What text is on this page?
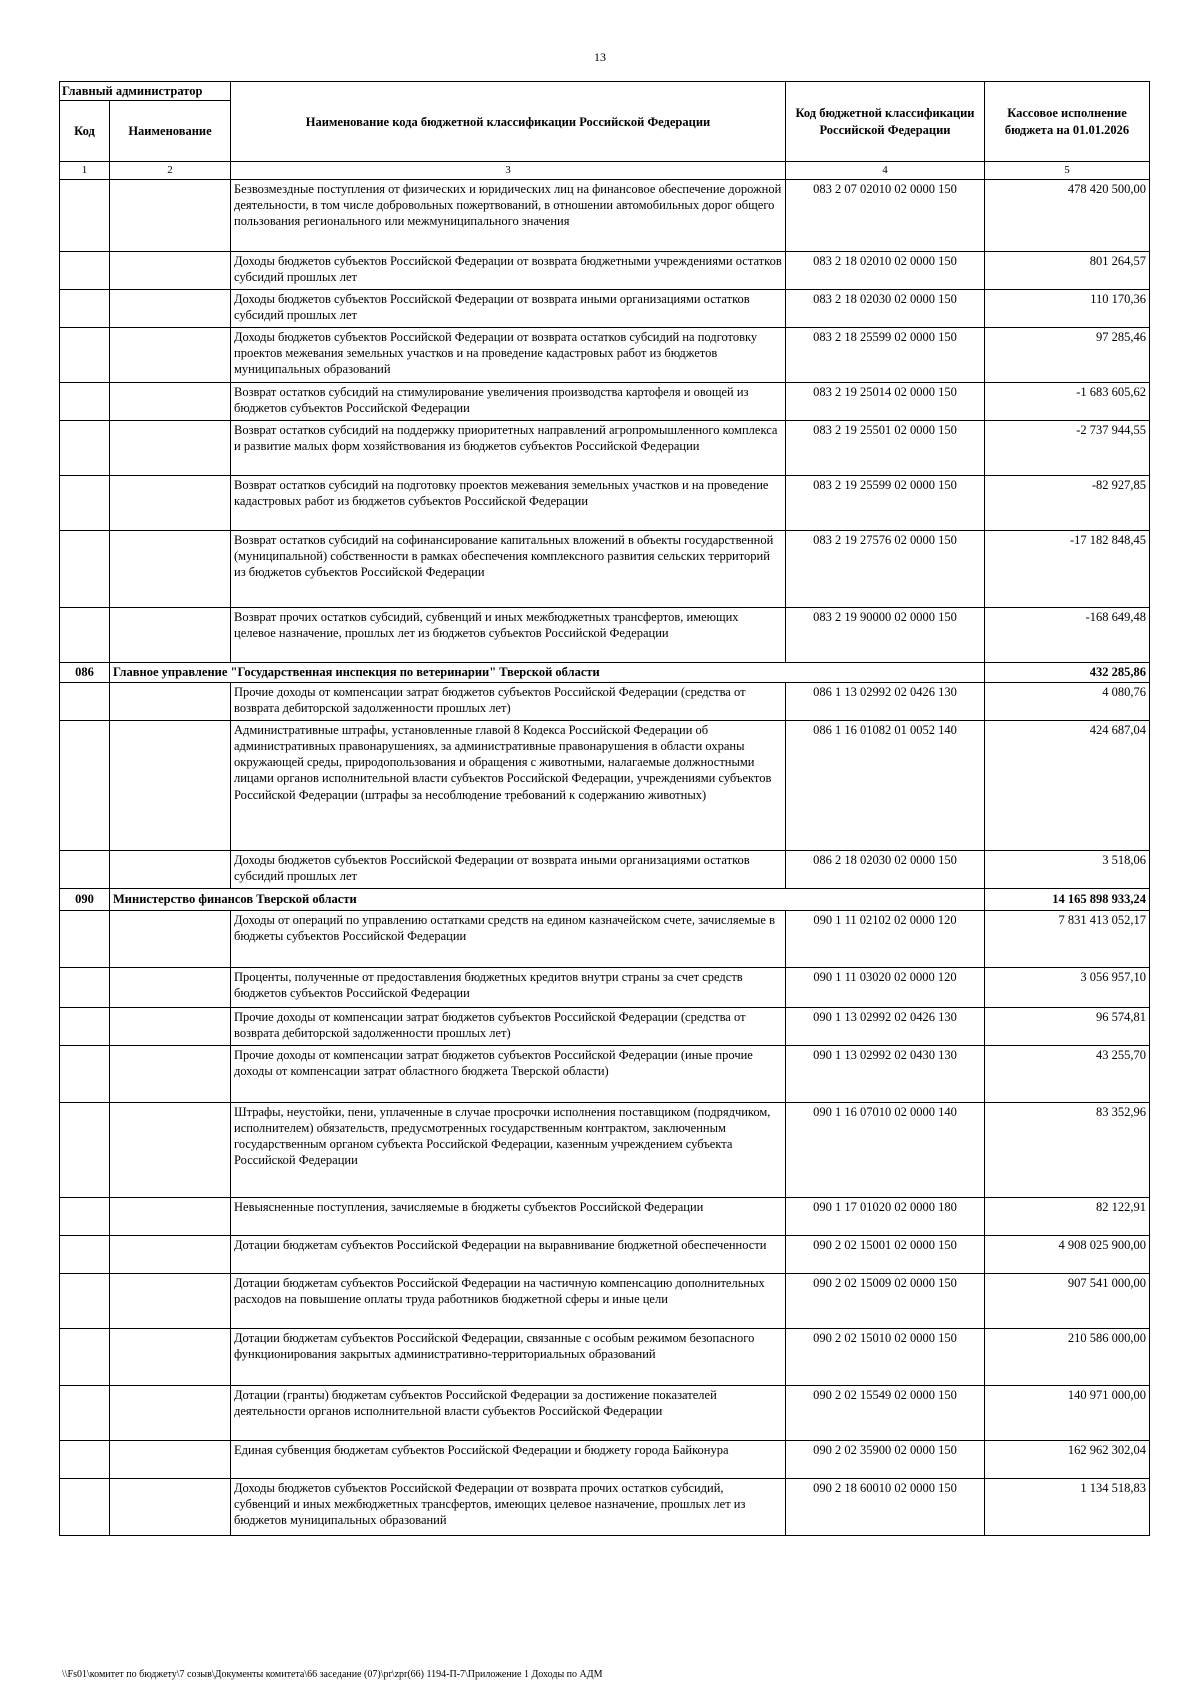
13
Главный администратор		Наименование кода бюджетной классификации Российской Федерации	Код бюджетной классификации Российской Федерации	Кассовое исполнение бюджета на 01.01.2026
Код	Наименование			
1	2	3	4	5
		Безвозмездные поступления от физических и юридических лиц на финансовое обеспечение дорожной деятельности, в том числе добровольных пожертвований, в отношении автомобильных дорог общего пользования регионального или межмуниципального значения	083 2 07 02010 02 0000 150	478 420 500,00
		Доходы бюджетов субъектов Российской Федерации от возврата бюджетными учреждениями остатков субсидий прошлых лет	083 2 18 02010 02 0000 150	801 264,57
		Доходы бюджетов субъектов Российской Федерации от возврата иными организациями остатков субсидий прошлых лет	083 2 18 02030 02 0000 150	110 170,36
		Доходы бюджетов субъектов Российской Федерации от возврата остатков субсидий на подготовку проектов межевания земельных участков и на проведение кадастровых работ из бюджетов муниципальных образований	083 2 18 25599 02 0000 150	97 285,46
		Возврат остатков субсидий на стимулирование увеличения производства картофеля и овощей из бюджетов субъектов Российской Федерации	083 2 19 25014 02 0000 150	-1 683 605,62
		Возврат остатков субсидий на поддержку приоритетных направлений агропромышленного комплекса и развитие малых форм хозяйствования из бюджетов субъектов Российской Федерации	083 2 19 25501 02 0000 150	-2 737 944,55
		Возврат остатков субсидий на подготовку проектов межевания земельных участков и на проведение кадастровых работ из бюджетов субъектов Российской Федерации	083 2 19 25599 02 0000 150	-82 927,85
		Возврат остатков субсидий на софинансирование капитальных вложений в объекты государственной (муниципальной) собственности в рамках обеспечения комплексного развития сельских территорий из бюджетов субъектов Российской Федерации	083 2 19 27576 02 0000 150	-17 182 848,45
		Возврат прочих остатков субсидий, субвенций и иных межбюджетных трансфертов, имеющих целевое назначение, прошлых лет из бюджетов субъектов Российской Федерации	083 2 19 90000 02 0000 150	-168 649,48
086	Главное управление "Государственная инспекция по ветеринарии" Тверской области			432 285,86
		Прочие доходы от компенсации затрат бюджетов субъектов Российской Федерации (средства от возврата дебиторской задолженности прошлых лет)	086 1 13 02992 02 0426 130	4 080,76
		Административные штрафы, установленные главой 8 Кодекса Российской Федерации об административных правонарушениях, за административные правонарушения в области охраны окружающей среды, природопользования и обращения с животными, налагаемые должностными лицами органов исполнительной власти субъектов Российской Федерации, учреждениями субъектов Российской Федерации (штрафы за несоблюдение требований к содержанию животных)	086 1 16 01082 01 0052 140	424 687,04
		Доходы бюджетов субъектов Российской Федерации от возврата иными организациями остатков субсидий прошлых лет	086 2 18 02030 02 0000 150	3 518,06
090	Министерство финансов Тверской области			14 165 898 933,24
		Доходы от операций по управлению остатками средств на едином казначейском счете, зачисляемые в бюджеты субъектов Российской Федерации	090 1 11 02102 02 0000 120	7 831 413 052,17
		Проценты, полученные от предоставления бюджетных кредитов внутри страны за счет средств бюджетов субъектов Российской Федерации	090 1 11 03020 02 0000 120	3 056 957,10
		Прочие доходы от компенсации затрат бюджетов субъектов Российской Федерации (средства от возврата дебиторской задолженности прошлых лет)	090 1 13 02992 02 0426 130	96 574,81
		Прочие доходы от компенсации затрат бюджетов субъектов Российской Федерации (иные прочие доходы от компенсации затрат областного бюджета Тверской области)	090 1 13 02992 02 0430 130	43 255,70
		Штрафы, неустойки, пени, уплаченные в случае просрочки исполнения поставщиком (подрядчиком, исполнителем) обязательств, предусмотренных государственным контрактом, заключенным государственным органом субъекта Российской Федерации, казенным учреждением субъекта Российской Федерации	090 1 16 07010 02 0000 140	83 352,96
		Невыясненные поступления, зачисляемые в бюджеты субъектов Российской Федерации	090 1 17 01020 02 0000 180	82 122,91
		Дотации бюджетам субъектов Российской Федерации на выравнивание бюджетной обеспеченности	090 2 02 15001 02 0000 150	4 908 025 900,00
		Дотации бюджетам субъектов Российской Федерации на частичную компенсацию дополнительных расходов на повышение оплаты труда работников бюджетной сферы и иные цели	090 2 02 15009 02 0000 150	907 541 000,00
		Дотации бюджетам субъектов Российской Федерации, связанные с особым режимом безопасного функционирования закрытых административно-территориальных образований	090 2 02 15010 02 0000 150	210 586 000,00
		Дотации (гранты) бюджетам субъектов Российской Федерации за достижение показателей деятельности органов исполнительной власти субъектов Российской Федерации	090 2 02 15549 02 0000 150	140 971 000,00
		Единая субвенция бюджетам субъектов Российской Федерации и бюджету города Байконура	090 2 02 35900 02 0000 150	162 962 302,04
		Доходы бюджетов субъектов Российской Федерации от возврата прочих остатков субсидий, субвенций и иных межбюджетных трансфертов, имеющих целевое назначение, прошлых лет из бюджетов муниципальных образований	090 2 18 60010 02 0000 150	1 134 518,83
\\Fs01\комитет по бюджету\7 созыв\Документы комитета\66 заседание (07)\pr\zpr(66) 1194-П-7\Приложение 1 Доходы по АДМ
